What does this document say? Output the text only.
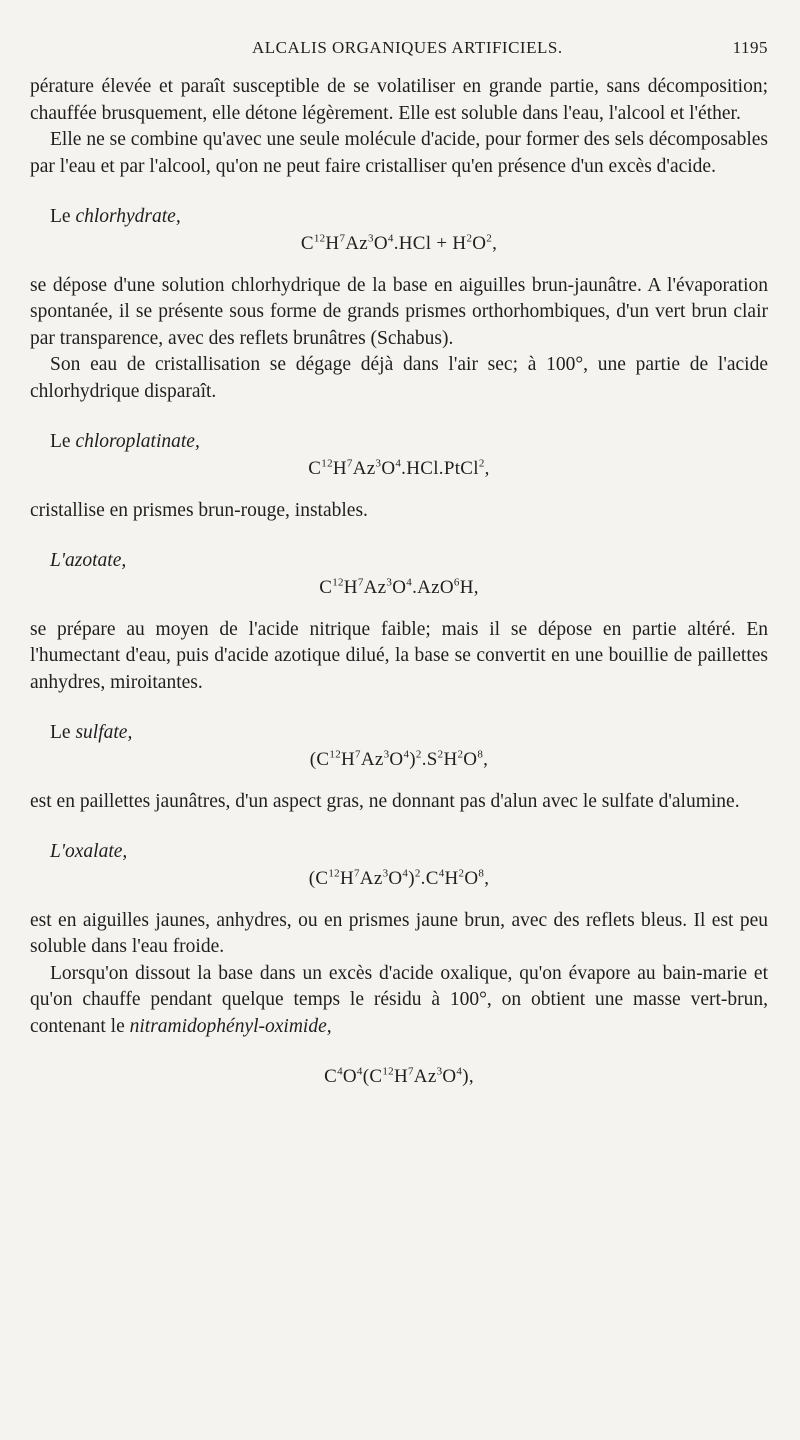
ALCALIS ORGANIQUES ARTIFICIELS.	1195

pérature élevée et paraît susceptible de se volatiliser en grande partie, sans décomposition; chauffée brusquement, elle détone légèrement. Elle est soluble dans l'eau, l'alcool et l'éther.

Elle ne se combine qu'avec une seule molécule d'acide, pour former des sels décomposables par l'eau et par l'alcool, qu'on ne peut faire cristalliser qu'en présence d'un excès d'acide.

Le chlorhydrate,

$C^{12}H^7Az^3O^4.HCl + H^2O^2$,

se dépose d'une solution chlorhydrique de la base en aiguilles brun-jaunâtre. A l'évaporation spontanée, il se présente sous forme de grands prismes orthorhombiques, d'un vert brun clair par transparence, avec des reflets brunâtres (Schabus).

Son eau de cristallisation se dégage déjà dans l'air sec; à 100°, une partie de l'acide chlorhydrique disparaît.

Le chloroplatinate,

$C^{12}H^7Az^3O^4.HCl.PtCl^2$,

cristallise en prismes brun-rouge, instables.

L'azotate,

$C^{12}H^7Az^3O^4.AzO^6H$,

se prépare au moyen de l'acide nitrique faible; mais il se dépose en partie altéré. En l'humectant d'eau, puis d'acide azotique dilué, la base se convertit en une bouillie de paillettes anhydres, miroitantes.

Le sulfate,

$(C^{12}H^7Az^3O^4)^2.S^2H^2O^8$,

est en paillettes jaunâtres, d'un aspect gras, ne donnant pas d'alun avec le sulfate d'alumine.

L'oxalate,

$(C^{12}H^7Az^3O^4)^2.C^4H^2O^8$,

est en aiguilles jaunes, anhydres, ou en prismes jaune brun, avec des reflets bleus. Il est peu soluble dans l'eau froide.

Lorsqu'on dissout la base dans un excès d'acide oxalique, qu'on évapore au bain-marie et qu'on chauffe pendant quelque temps le résidu à 100°, on obtient une masse vert-brun, contenant le nitramidophényl-oximide,

$C^4O^4(C^{12}H^7Az^3O^4)$,
